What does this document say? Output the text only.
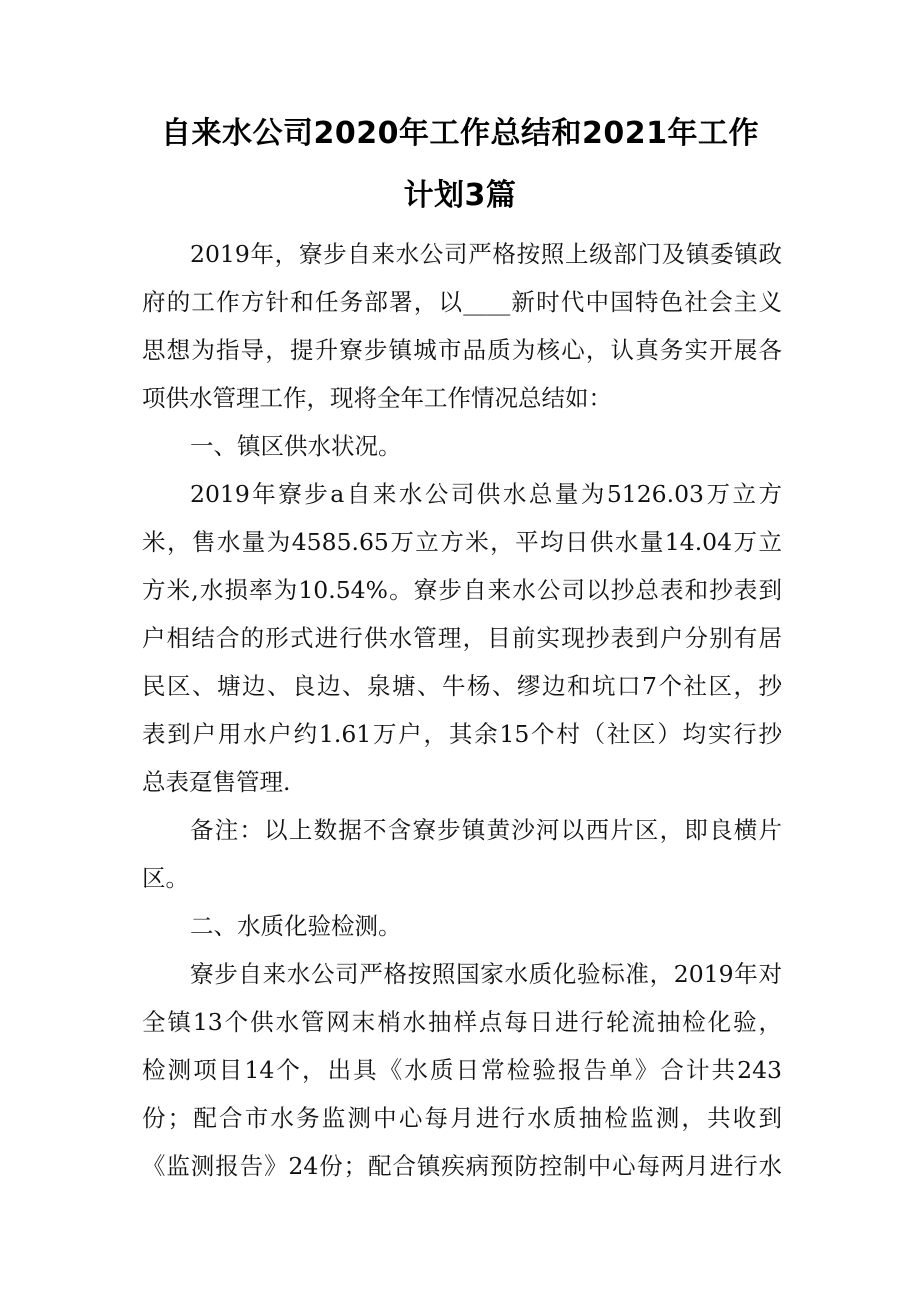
自来水公司2020年工作总结和2021年工作
计划3篇
2019年，寮步自来水公司严格按照上级部门及镇委镇政
府的工作方针和任务部署，以____新时代中国特色社会主义
思想为指导，提升寮步镇城市品质为核心，认真务实开展各
项供水管理工作，现将全年工作情况总结如：
一、镇区供水状况。
2019年寮步a自来水公司供水总量为5126.03万立方
米，售水量为4585.65万立方米，平均日供水量14.04万立
方米,水损率为10.54%。寮步自来水公司以抄总表和抄表到
户相结合的形式进行供水管理，目前实现抄表到户分别有居
民区、塘边、良边、泉塘、牛杨、缪边和坑口7个社区，抄
表到户用水户约1.61万户，其余15个村（社区）均实行抄
总表趸售管理.
备注：以上数据不含寮步镇黄沙河以西片区，即良横片
区。
二、水质化验检测。
寮步自来水公司严格按照国家水质化验标准，2019年对
全镇13个供水管网末梢水抽样点每日进行轮流抽检化验，
检测项目14个，出具《水质日常检验报告单》合计共243
份；配合市水务监测中心每月进行水质抽检监测，共收到
《监测报告》24份；配合镇疾病预防控制中心每两月进行水
